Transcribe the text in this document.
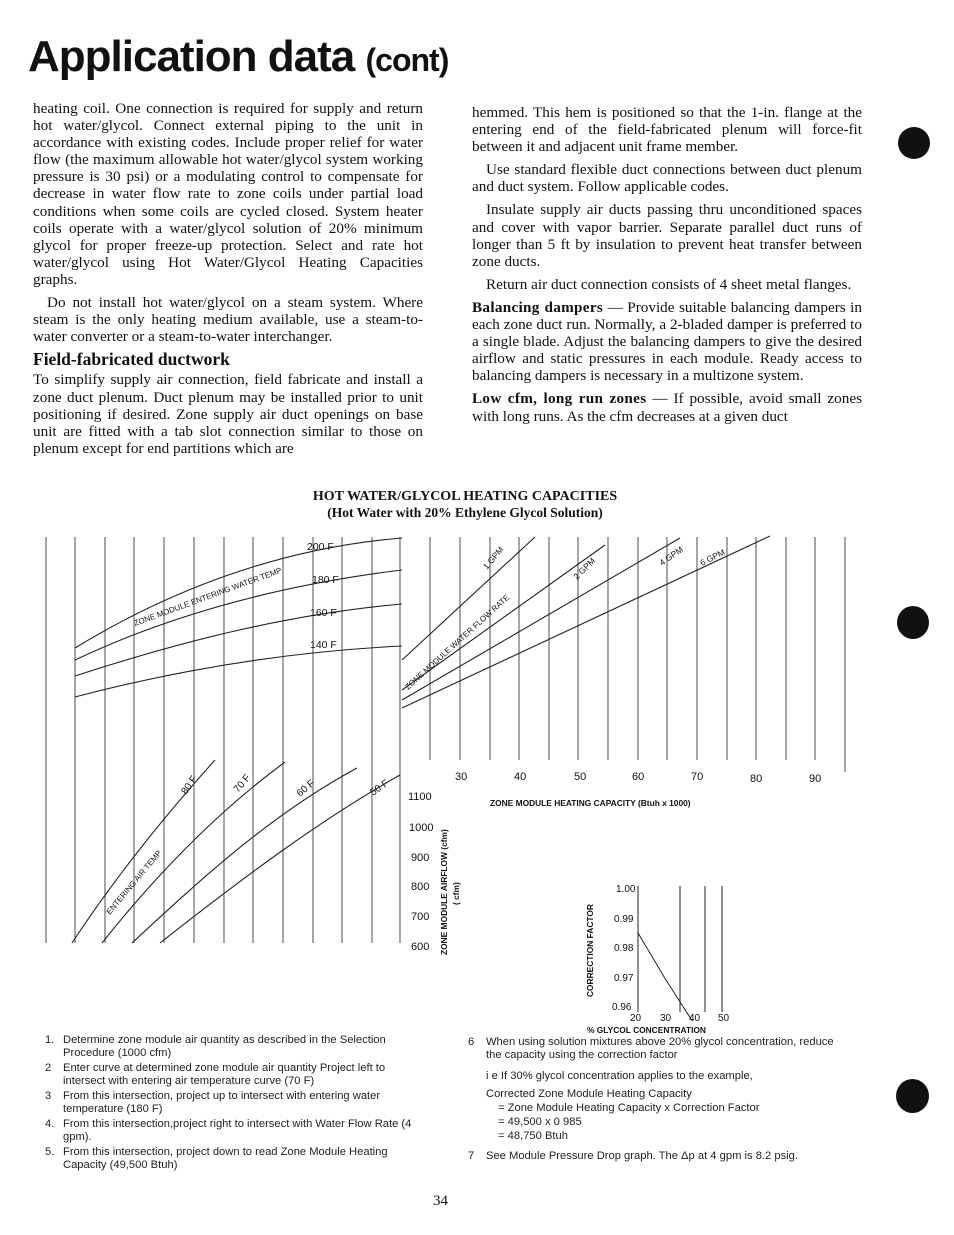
Application data (cont)

heating coil. One connection is required for supply and return hot water/glycol. Connect external piping to the unit in accordance with existing codes. Include proper relief for water flow (the maximum allowable hot water/glycol system working pressure is 30 psi) or a modulating control to compensate for decrease in water flow rate to zone coils under partial load conditions when some coils are cycled closed. System heater coils operate with a water/glycol solution of 20% minimum glycol for proper freeze-up protection. Select and rate hot water/glycol using Hot Water/Glycol Heating Capacities graphs.

Do not install hot water/glycol on a steam system. Where steam is the only heating medium available, use a steam-to-water converter or a steam-to-water interchanger.

Field-fabricated ductwork

To simplify supply air connection, field fabricate and install a zone duct plenum. Duct plenum may be installed prior to unit positioning if desired. Zone supply air duct openings on base unit are fitted with a tab slot connection similar to those on plenum except for end partitions which are

hemmed. This hem is positioned so that the 1-in. flange at the entering end of the field-fabricated plenum will force-fit between it and adjacent unit frame member.

Use standard flexible duct connections between duct plenum and duct system. Follow applicable codes.

Insulate supply air ducts passing thru unconditioned spaces and cover with vapor barrier. Separate parallel duct runs of longer than 5 ft by insulation to prevent heat transfer between zone ducts.

Return air duct connection consists of 4 sheet metal flanges.

Balancing dampers — Provide suitable balancing dampers in each zone duct run. Normally, a 2-bladed damper is preferred to a single blade. Adjust the balancing dampers to give the desired airflow and static pressures in each module. Ready access to balancing dampers is necessary in a multizone system.

Low cfm, long run zones — If possible, avoid small zones with long runs. As the cfm decreases at a given duct

HOT WATER/GLYCOL HEATING CAPACITIES
(Hot Water with 20% Ethylene Glycol Solution)
200 F
180 F
160 F
140 F
ZONE MODULE ENTERING WATER TEMP
1 GPM	2 GPM	4 GPM 6 GPM
ZONE MODULE WATER FLOW RATE
80 F	70 F	60 F	50 F
ENTERING AIR TEMP
30	40	50	60	70	80	90
ZONE MODULE HEATING CAPACITY (Btuh x 1000)
1100
1000
900
800
700
600 ZONE MODULE AIRFLOW (cfm) ( cfm)	1.00
0.99
0.98
0.97
0.96
CORRECTION FACTOR
20 30 40 50
% GLYCOL CONCENTRATION
1. Determine zone module air quantity as described in the Selection Procedure (1000 cfm)
2 Enter curve at determined zone module air quantity Project left to intersect with entering air temperature curve (70 F)
3 From this intersection, project up to intersect with entering water temperature (180 F)
4. From this intersection,project right to intersect with Water Flow Rate (4 gpm).
5. From this intersection, project down to read Zone Module Heating Capacity (49,500 Btuh)
6 When using solution mixtures above 20% glycol concentration, reduce the capacity using the correction factor
i e If 30% glycol concentration applies to the example,
Corrected Zone Module Heating Capacity
= Zone Module Heating Capacity x Correction Factor
= 49,500 x 0 985
= 48,750 Btuh
7 See Module Pressure Drop graph. The Δp at 4 gpm is 8.2 psig.
34
